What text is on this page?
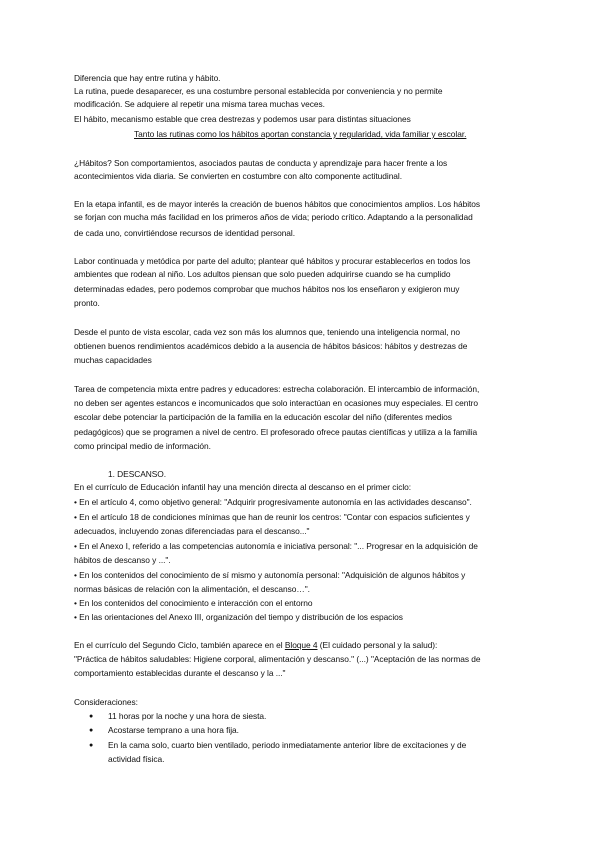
Diferencia que hay entre rutina y hábito.
La rutina, puede desaparecer, es una costumbre personal establecida por conveniencia y no permite
modificación. Se adquiere al repetir una misma tarea muchas veces.
El hábito, mecanismo estable que crea destrezas y podemos usar para distintas situaciones
Tanto las rutinas como los hábitos aportan constancia y regularidad, vida familiar y escolar.
¿Hábitos? Son comportamientos, asociados pautas de conducta y aprendizaje para hacer frente a los
acontecimientos vida diaria. Se convierten en costumbre con alto componente actitudinal.
En la etapa infantil, es de mayor interés la creación de buenos hábitos que conocimientos amplios. Los hábitos
se forjan con mucha más facilidad en los primeros años de vida; periodo crítico. Adaptando a la personalidad
de cada uno, convirtiéndose recursos de identidad personal.
Labor continuada y metódica por parte del adulto; plantear qué hábitos y procurar establecerlos en todos los
ambientes que rodean al niño. Los adultos piensan que solo pueden adquirirse cuando se ha cumplido
determinadas edades, pero podemos comprobar que muchos hábitos nos los enseñaron y exigieron muy
pronto.
Desde el punto de vista escolar, cada vez son más los alumnos que, teniendo una inteligencia normal, no
obtienen buenos rendimientos académicos debido a la ausencia de hábitos básicos: hábitos y destrezas de
muchas capacidades
Tarea de competencia mixta entre padres y educadores: estrecha colaboración. El intercambio de información,
no deben ser agentes estancos e incomunicados que solo interactúan en ocasiones muy especiales. El centro
escolar debe potenciar la participación de la familia en la educación escolar del niño (diferentes medios
pedagógicos) que se programen a nivel de centro. El profesorado ofrece pautas científicas y utiliza a la familia
como principal medio de información.
1. DESCANSO.
En el currículo de Educación infantil hay una mención directa al descanso en el primer ciclo:
• En el artículo 4, como objetivo general: "Adquirir progresivamente autonomía en las actividades descanso".
• En el artículo 18 de condiciones mínimas que han de reunir los centros: "Contar con espacios suficientes y
adecuados, incluyendo zonas diferenciadas para el descanso..."
• En el Anexo I, referido a las competencias autonomía e iniciativa personal: "... Progresar en la adquisición de
hábitos de descanso y ...".
• En los contenidos del conocimiento de sí mismo y autonomía personal: "Adquisición de algunos hábitos y
normas básicas de relación con la alimentación, el descanso…".
• En los contenidos del conocimiento e interacción con el entorno
• En las orientaciones del Anexo III, organización del tiempo y distribución de los espacios
En el currículo del Segundo Ciclo, también aparece en el Bloque 4 (El cuidado personal y la salud):
"Práctica de hábitos saludables: Higiene corporal, alimentación y descanso." (...) "Aceptación de las normas de
comportamiento establecidas durante el descanso y la ..."
Consideraciones:
● 11 horas por la noche y una hora de siesta.
● Acostarse temprano a una hora fija.
● En la cama solo, cuarto bien ventilado, periodo inmediatamente anterior libre de excitaciones y de
actividad física.
